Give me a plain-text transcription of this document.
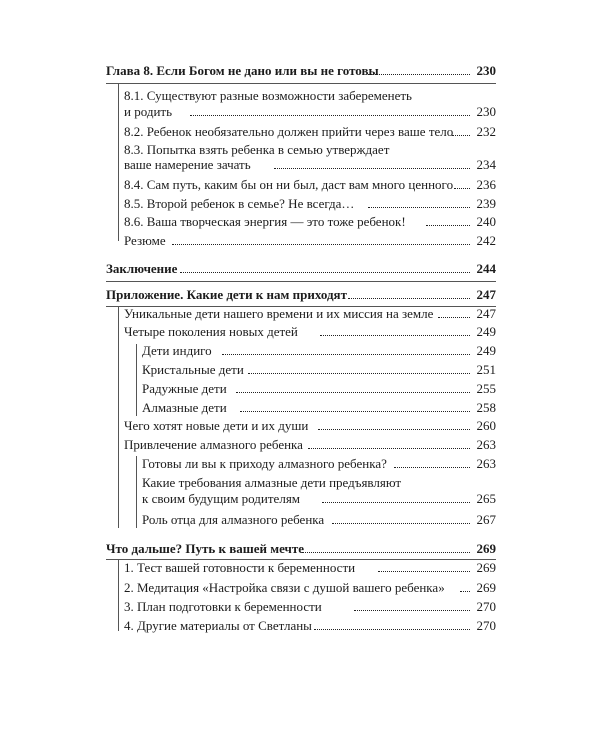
Глава 8. Если Богом не дано или вы не готовы	230
8.1. Существуют разные возможности забеременеть
и родить	230
8.2. Ребенок необязательно должен прийти через ваше тело 232
8.3. Попытка взять ребенка в семью утверждает
ваше намерение зачать	234
8.4. Сам путь, каким бы он ни был, даст вам много ценного 236
8.5. Второй ребенок в семье? Не всегда…	239
8.6. Ваша творческая энергия — это тоже ребенок!	240
Резюме	242
Заключение	244
Приложение. Какие дети к нам приходят	247
Уникальные дети нашего времени и их миссия на земле	247
Четыре поколения новых детей	249
Дети индиго	249
Кристальные дети	251
Радужные дети	255
Алмазные дети	258
Чего хотят новые дети и их души	260
Привлечение алмазного ребенка	263
Готовы ли вы к приходу алмазного ребенка?	263
Какие требования алмазные дети предъявляют
к своим будущим родителям	265
Роль отца для алмазного ребенка	267
Что дальше? Путь к вашей мечте	269
1. Тест вашей готовности к беременности	269
2. Медитация «Настройка связи с душой вашего ребенка» 269
3. План подготовки к беременности	270
4. Другие материалы от Светланы	270
